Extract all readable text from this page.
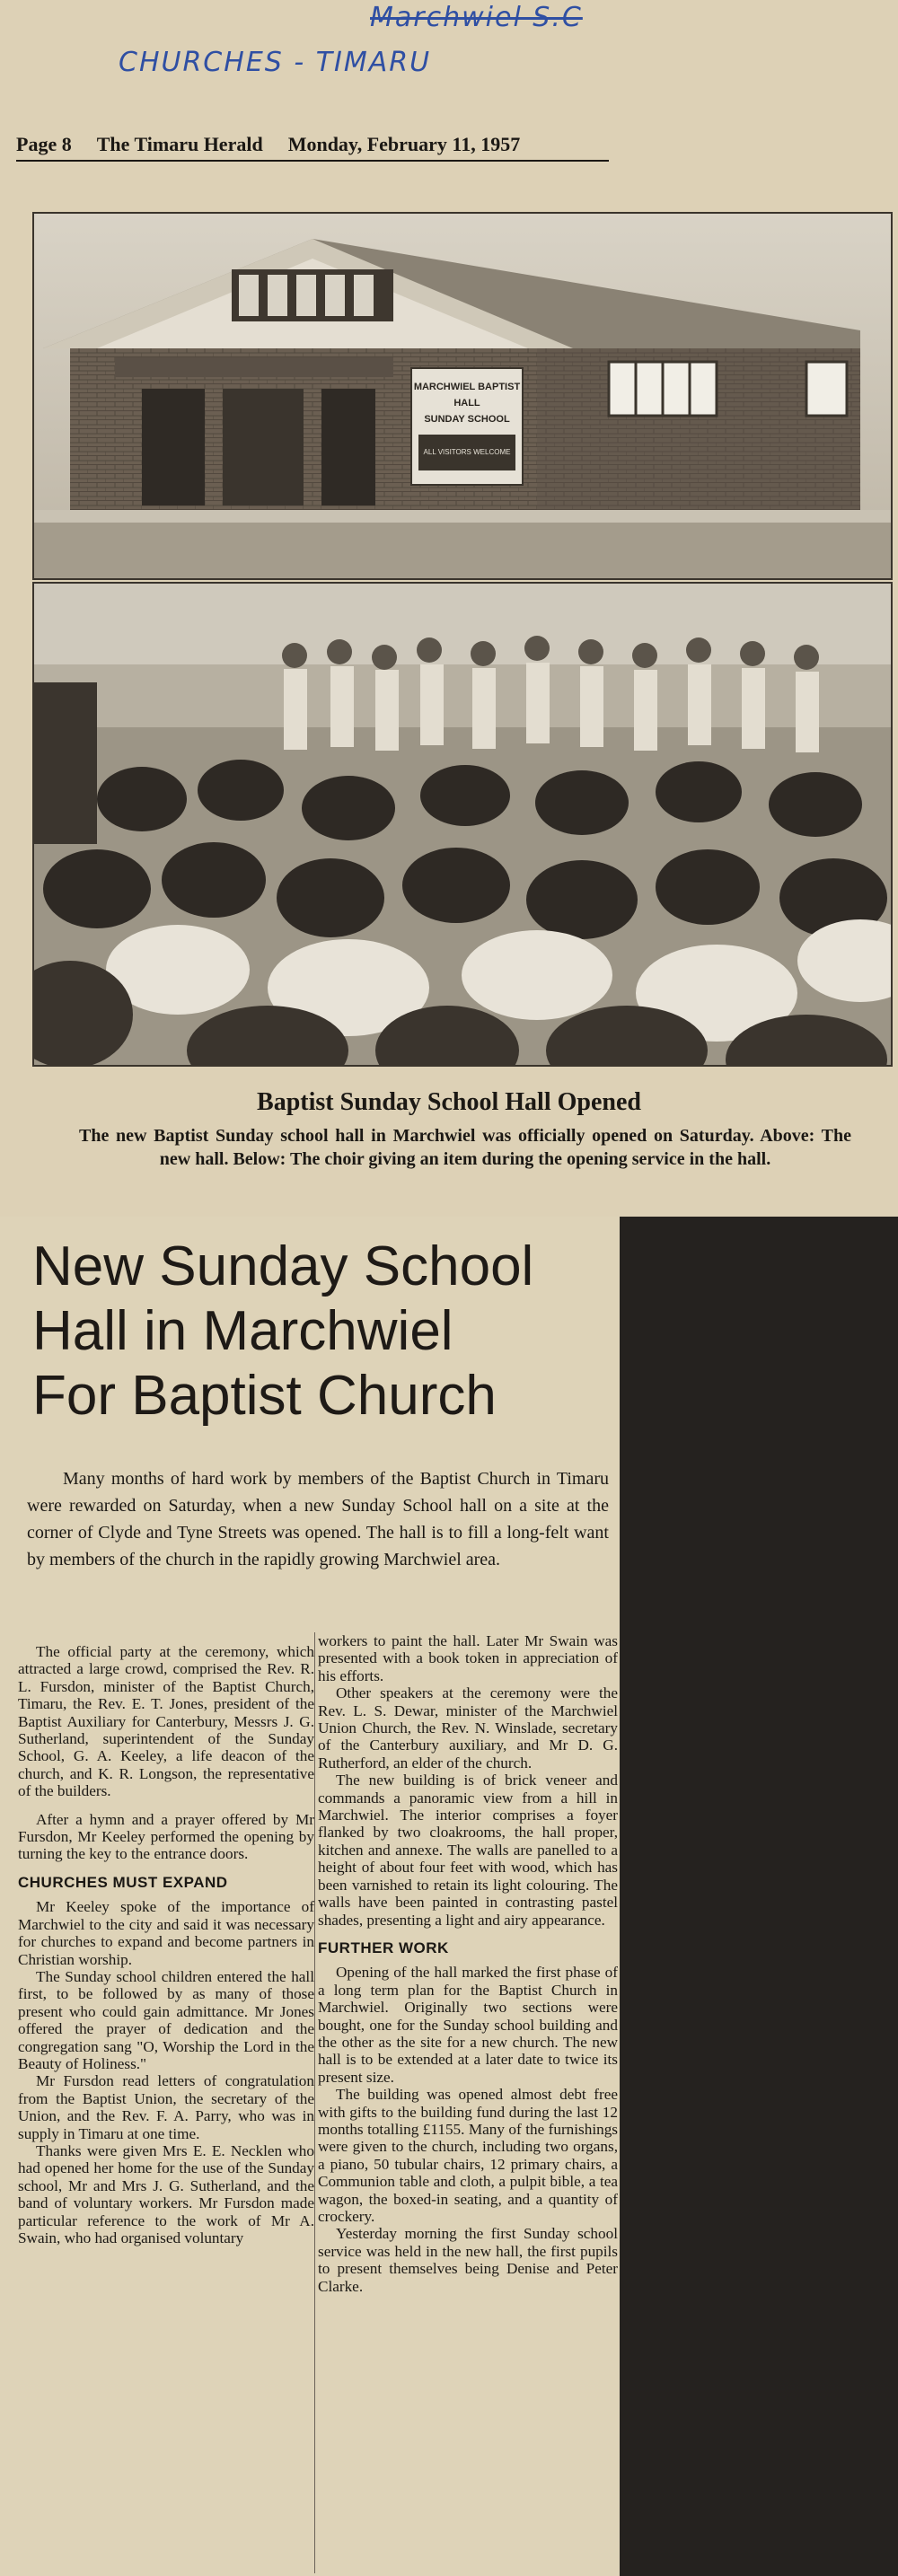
Marchwiel S.C
CHURCHES - TIMARU
Page 8 The Timaru Herald Monday, February 11, 1957
MARCHWIEL BAPTIST
HALL
SUNDAY SCHOOL
ALL VISITORS WELCOME
Baptist Sunday School Hall Opened
The new Baptist Sunday school hall in Marchwiel was officially opened on Saturday. Above: The new hall. Below: The choir giving an item during the opening service in the hall.
New Sunday School
Hall in Marchwiel
For Baptist Church

Many months of hard work by members of the Baptist Church in Timaru were rewarded on Saturday, when a new Sunday School hall on a site at the corner of Clyde and Tyne Streets was opened. The hall is to fill a long-felt want by members of the church in the rapidly growing Marchwiel area.

The official party at the ceremony, which attracted a large crowd, comprised the Rev. R. L. Fursdon, minister of the Baptist Church, Timaru, the Rev. E. T. Jones, president of the Baptist Auxiliary for Canterbury, Messrs J. G. Sutherland, superintendent of the Sunday School, G. A. Keeley, a life deacon of the church, and K. R. Longson, the representative of the builders.

After a hymn and a prayer offered by Mr Fursdon, Mr Keeley performed the opening by turning the key to the entrance doors.

CHURCHES MUST EXPAND

Mr Keeley spoke of the importance of Marchwiel to the city and said it was necessary for churches to expand and become partners in Christian worship.

The Sunday school children entered the hall first, to be followed by as many of those present who could gain admittance. Mr Jones offered the prayer of dedication and the congregation sang "O, Worship the Lord in the Beauty of Holiness."

Mr Fursdon read letters of congratulation from the Baptist Union, the secretary of the Union, and the Rev. F. A. Parry, who was in supply in Timaru at one time.

Thanks were given Mrs E. E. Necklen who had opened her home for the use of the Sunday school, Mr and Mrs J. G. Sutherland, and the band of voluntary workers. Mr Fursdon made particular reference to the work of Mr A. Swain, who had organised voluntary

workers to paint the hall. Later Mr Swain was presented with a book token in appreciation of his efforts.

Other speakers at the ceremony were the Rev. L. S. Dewar, minister of the Marchwiel Union Church, the Rev. N. Winslade, secretary of the Canterbury auxiliary, and Mr D. G. Rutherford, an elder of the church.

The new building is of brick veneer and commands a panoramic view from a hill in Marchwiel. The interior comprises a foyer flanked by two cloakrooms, the hall proper, kitchen and annexe. The walls are panelled to a height of about four feet with wood, which has been varnished to retain its light colouring. The walls have been painted in contrasting pastel shades, presenting a light and airy appearance.

FURTHER WORK

Opening of the hall marked the first phase of a long term plan for the Baptist Church in Marchwiel. Originally two sections were bought, one for the Sunday school building and the other as the site for a new church. The new hall is to be extended at a later date to twice its present size.

The building was opened almost debt free with gifts to the building fund during the last 12 months totalling £1155. Many of the furnishings were given to the church, including two organs, a piano, 50 tubular chairs, 12 primary chairs, a Communion table and cloth, a pulpit bible, a tea wagon, the boxed-in seating, and a quantity of crockery.

Yesterday morning the first Sunday school service was held in the new hall, the first pupils to present themselves being Denise and Peter Clarke.
